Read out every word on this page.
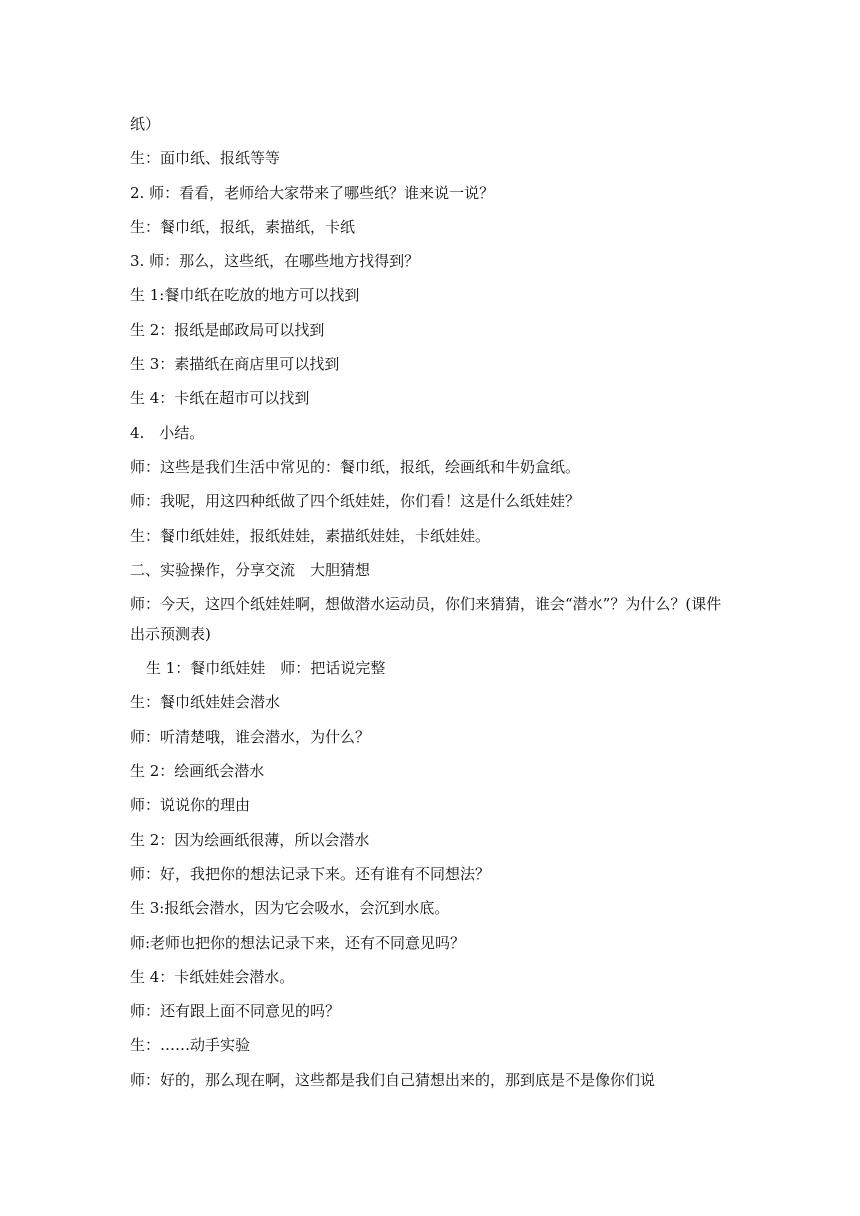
纸）

生：面巾纸、报纸等等

2. 师：看看，老师给大家带来了哪些纸？谁来说一说？

生：餐巾纸，报纸，素描纸，卡纸

3. 师：那么，这些纸，在哪些地方找得到？

生 1:餐巾纸在吃放的地方可以找到

生 2：报纸是邮政局可以找到

生 3：素描纸在商店里可以找到

生 4：卡纸在超市可以找到

4.　小结。

师：这些是我们生活中常见的：餐巾纸，报纸，绘画纸和牛奶盒纸。

师：我呢，用这四种纸做了四个纸娃娃，你们看！这是什么纸娃娃？

生：餐巾纸娃娃，报纸娃娃，素描纸娃娃，卡纸娃娃。

二、实验操作，分享交流　大胆猜想

师：今天，这四个纸娃娃啊，想做潜水运动员，你们来猜猜，谁会“潜水”？为什么？(课件出示预测表)

生 1：餐巾纸娃娃　师：把话说完整

生：餐巾纸娃娃会潜水

师：听清楚哦，谁会潜水，为什么？

生 2：绘画纸会潜水

师：说说你的理由

生 2：因为绘画纸很薄，所以会潜水

师：好，我把你的想法记录下来。还有谁有不同想法？

生 3:报纸会潜水，因为它会吸水，会沉到水底。

师:老师也把你的想法记录下来，还有不同意见吗？

生 4：卡纸娃娃会潜水。

师：还有跟上面不同意见的吗？

生：……动手实验

师：好的，那么现在啊，这些都是我们自己猜想出来的，那到底是不是像你们说
